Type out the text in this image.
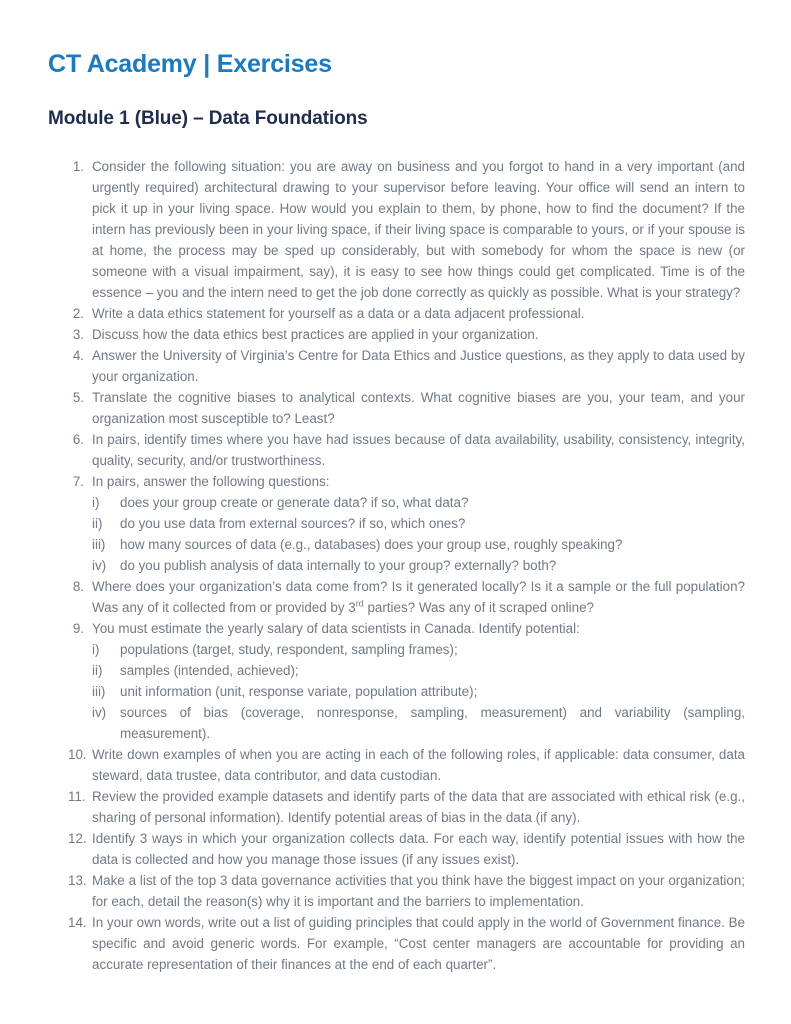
CT Academy | Exercises
Module 1 (Blue) – Data Foundations
1. Consider the following situation: you are away on business and you forgot to hand in a very important (and urgently required) architectural drawing to your supervisor before leaving. Your office will send an intern to pick it up in your living space. How would you explain to them, by phone, how to find the document? If the intern has previously been in your living space, if their living space is comparable to yours, or if your spouse is at home, the process may be sped up considerably, but with somebody for whom the space is new (or someone with a visual impairment, say), it is easy to see how things could get complicated. Time is of the essence – you and the intern need to get the job done correctly as quickly as possible. What is your strategy?
2. Write a data ethics statement for yourself as a data or a data adjacent professional.
3. Discuss how the data ethics best practices are applied in your organization.
4. Answer the University of Virginia’s Centre for Data Ethics and Justice questions, as they apply to data used by your organization.
5. Translate the cognitive biases to analytical contexts. What cognitive biases are you, your team, and your organization most susceptible to? Least?
6. In pairs, identify times where you have had issues because of data availability, usability, consistency, integrity, quality, security, and/or trustworthiness.
7. In pairs, answer the following questions:
i)	does your group create or generate data? if so, what data?
ii)	do you use data from external sources? if so, which ones?
iii)	how many sources of data (e.g., databases) does your group use, roughly speaking?
iv)	do you publish analysis of data internally to your group? externally? both?
8. Where does your organization’s data come from? Is it generated locally? Is it a sample or the full population? Was any of it collected from or provided by 3rd parties? Was any of it scraped online?
9. You must estimate the yearly salary of data scientists in Canada. Identify potential:
i)	populations (target, study, respondent, sampling frames);
ii)	samples (intended, achieved);
iii)	unit information (unit, response variate, population attribute);
iv)	sources of bias (coverage, nonresponse, sampling, measurement) and variability (sampling, measurement).
10. Write down examples of when you are acting in each of the following roles, if applicable: data consumer, data steward, data trustee, data contributor, and data custodian.
11. Review the provided example datasets and identify parts of the data that are associated with ethical risk (e.g., sharing of personal information). Identify potential areas of bias in the data (if any).
12. Identify 3 ways in which your organization collects data. For each way, identify potential issues with how the data is collected and how you manage those issues (if any issues exist).
13. Make a list of the top 3 data governance activities that you think have the biggest impact on your organization; for each, detail the reason(s) why it is important and the barriers to implementation.
14. In your own words, write out a list of guiding principles that could apply in the world of Government finance. Be specific and avoid generic words. For example, “Cost center managers are accountable for providing an accurate representation of their finances at the end of each quarter”.
